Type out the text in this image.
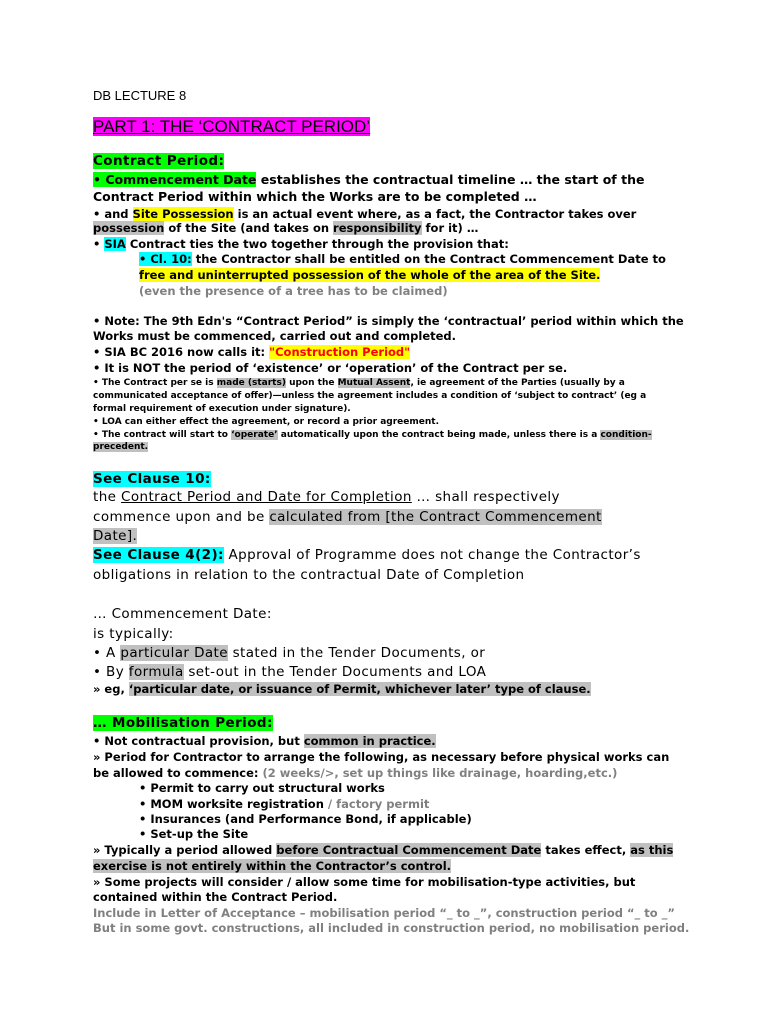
DB LECTURE 8
PART 1: THE ‘CONTRACT PERIOD’
Contract Period:
• Commencement Date establishes the contractual timeline … the start of the
Contract Period within which the Works are to be completed …
• and Site Possession is an actual event where, as a fact, the Contractor takes over
possession of the Site (and takes on responsibility for it) …
• SIA Contract ties the two together through the provision that:
• Cl. 10: the Contractor shall be entitled on the Contract Commencement Date to
free and uninterrupted possession of the whole of the area of the Site.
(even the presence of a tree has to be claimed)
• Note: The 9th Edn's “Contract Period” is simply the ‘contractual’ period within which the
Works must be commenced, carried out and completed.
• SIA BC 2016 now calls it: "Construction Period"
• It is NOT the period of ‘existence’ or ‘operation’ of the Contract per se.
• The Contract per se is made (starts) upon the Mutual Assent, ie agreement of the Parties (usually by a
communicated acceptance of offer)—unless the agreement includes a condition of ‘subject to contract’ (eg a
formal requirement of execution under signature).
• LOA can either effect the agreement, or record a prior agreement.
• The contract will start to ‘operate’ automatically upon the contract being made, unless there is a condition-
precedent.
See Clause 10:
the Contract Period and Date for Completion … shall respectively
commence upon and be calculated from [the Contract Commencement
Date].
See Clause 4(2): Approval of Programme does not change the Contractor’s
obligations in relation to the contractual Date of Completion
… Commencement Date:
is typically:
• A particular Date stated in the Tender Documents, or
• By formula set-out in the Tender Documents and LOA
» eg, ‘particular date, or issuance of Permit, whichever later’ type of clause.
… Mobilisation Period:
• Not contractual provision, but common in practice.
» Period for Contractor to arrange the following, as necessary before physical works can
be allowed to commence: (2 weeks/>, set up things like drainage, hoarding,etc.)
• Permit to carry out structural works
• MOM worksite registration / factory permit
• Insurances (and Performance Bond, if applicable)
• Set-up the Site
» Typically a period allowed before Contractual Commencement Date takes effect, as this
exercise is not entirely within the Contractor’s control.
» Some projects will consider / allow some time for mobilisation-type activities, but
contained within the Contract Period.
Include in Letter of Acceptance – mobilisation period “_ to _”, construction period “_ to _”
But in some govt. constructions, all included in construction period, no mobilisation period.
